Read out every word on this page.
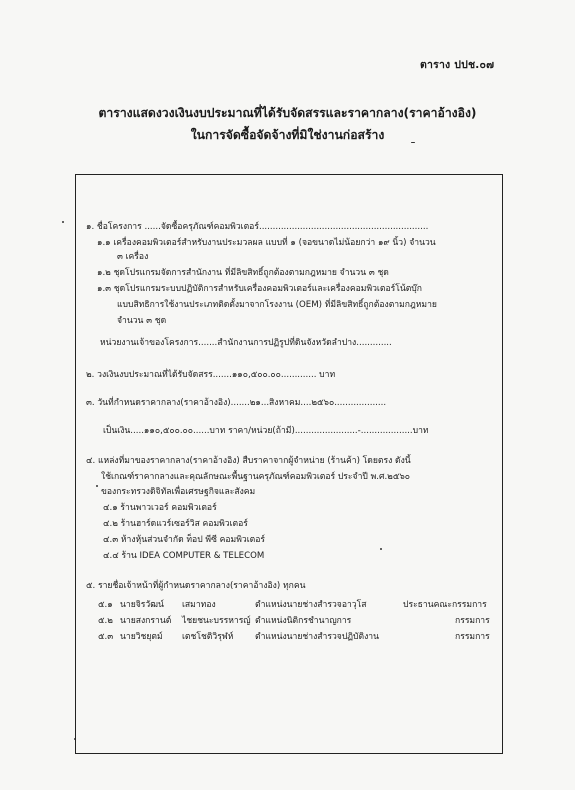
ตาราง ปปช.๐๗
ตารางแสดงวงเงินงบประมาณที่ได้รับจัดสรรและราคากลาง(ราคาอ้างอิง)
ในการจัดซื้อจัดจ้างที่มิใช่งานก่อสร้าง
๑. ชื่อโครงการ ......จัดซื้อครุภัณฑ์คอมพิวเตอร์..............................................................
๑.๑ เครื่องคอมพิวเตอร์สำหรับงานประมวลผล แบบที่ ๑ (จอขนาดไม่น้อยกว่า ๑๙ นิ้ว) จำนวน
๓ เครื่อง
๑.๒ ชุดโปรแกรมจัดการสำนักงาน ที่มีลิขสิทธิ์ถูกต้องตามกฎหมาย จำนวน ๓ ชุด
๑.๓ ชุดโปรแกรมระบบปฏิบัติการสำหรับเครื่องคอมพิวเตอร์และเครื่องคอมพิวเตอร์โน้ตบุ๊ก
แบบสิทธิการใช้งานประเภทติดตั้งมาจากโรงงาน (OEM) ที่มีลิขสิทธิ์ถูกต้องตามกฎหมาย
จำนวน ๓ ชุด
หน่วยงานเจ้าของโครงการ.......สำนักงานการปฏิรูปที่ดินจังหวัดลำปาง.............
๒. วงเงินงบประมาณที่ได้รับจัดสรร.......๑๑๐,๕๐๐.๐๐............. บาท
๓. วันที่กำหนดราคากลาง(ราคาอ้างอิง).......๒๑...สิงหาคม....๒๕๖๐...................
เป็นเงิน.....๑๑๐,๕๐๐.๐๐......บาท ราคา/หน่วย(ถ้ามี).......................-...................บาท
๔. แหล่งที่มาของราคากลาง(ราคาอ้างอิง) สืบราคาจากผู้จำหน่าย (ร้านค้า) โดยตรง ดังนี้
ใช้เกณฑ์ราคากลางและคุณลักษณะพื้นฐานครุภัณฑ์คอมพิวเตอร์ ประจำปี พ.ศ.๒๕๖๐
ของกระทรวงดิจิทัลเพื่อเศรษฐกิจและสังคม
๔.๑ ร้านพาวเวอร์ คอมพิวเตอร์
๔.๒ ร้านฮาร์ดแวร์เซอร์วิส คอมพิวเตอร์
๔.๓ ห้างหุ้นส่วนจำกัด ท็อป พีซี คอมพิวเตอร์
๔.๔ ร้าน IDEA COMPUTER & TELECOM
๕. รายชื่อเจ้าหน้าที่ผู้กำหนดราคากลาง(ราคาอ้างอิง) ทุกคน
๕.๑ นายจิรวัฒน์ เสมาทอง	ตำแหน่งนายช่างสำรวจอาวุโส	ประธานคณะกรรมการ
๕.๒ นายสงกรานต์ ไชยชนะบรรหารญ์ ตำแหน่งนิติกรชำนาญการ	กรรมการ
๕.๓ นายวิชยุตม์ เตชโชติวิรุฬห์	ตำแหน่งนายช่างสำรวจปฏิบัติงาน	กรรมการ
